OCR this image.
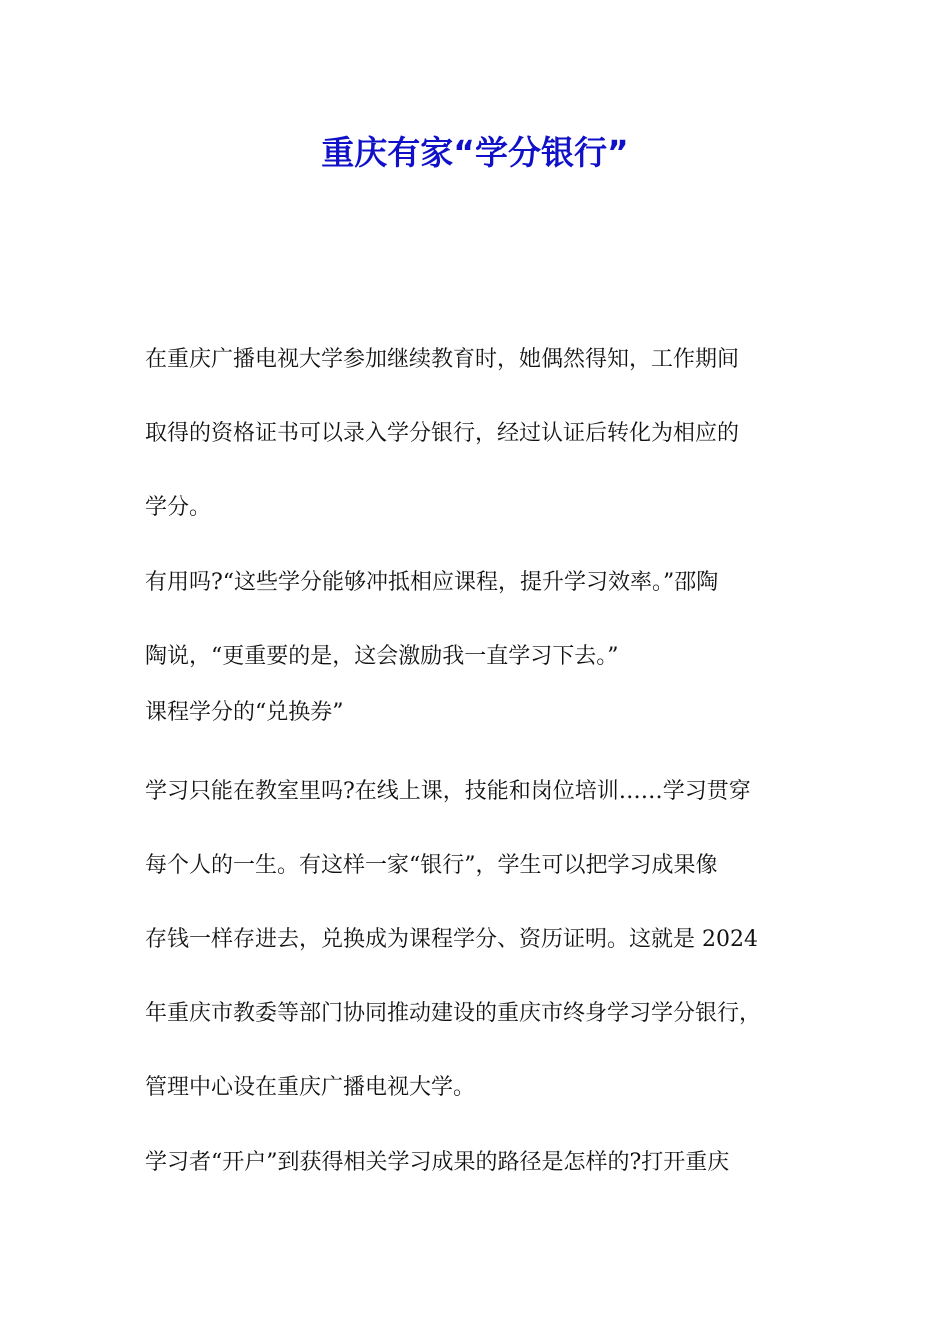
重庆有家“学分银行”

在重庆广播电视大学参加继续教育时，她偶然得知，工作期间

取得的资格证书可以录入学分银行，经过认证后转化为相应的

学分。

有用吗?“这些学分能够冲抵相应课程，提升学习效率。”邵陶

陶说，“更重要的是，这会激励我一直学习下去。”

课程学分的“兑换券”

学习只能在教室里吗?在线上课，技能和岗位培训……学习贯穿

每个人的一生。有这样一家“银行”，学生可以把学习成果像

存钱一样存进去，兑换成为课程学分、资历证明。这就是 2024

年重庆市教委等部门协同推动建设的重庆市终身学习学分银行，

管理中心设在重庆广播电视大学。

学习者“开户”到获得相关学习成果的路径是怎样的?打开重庆
